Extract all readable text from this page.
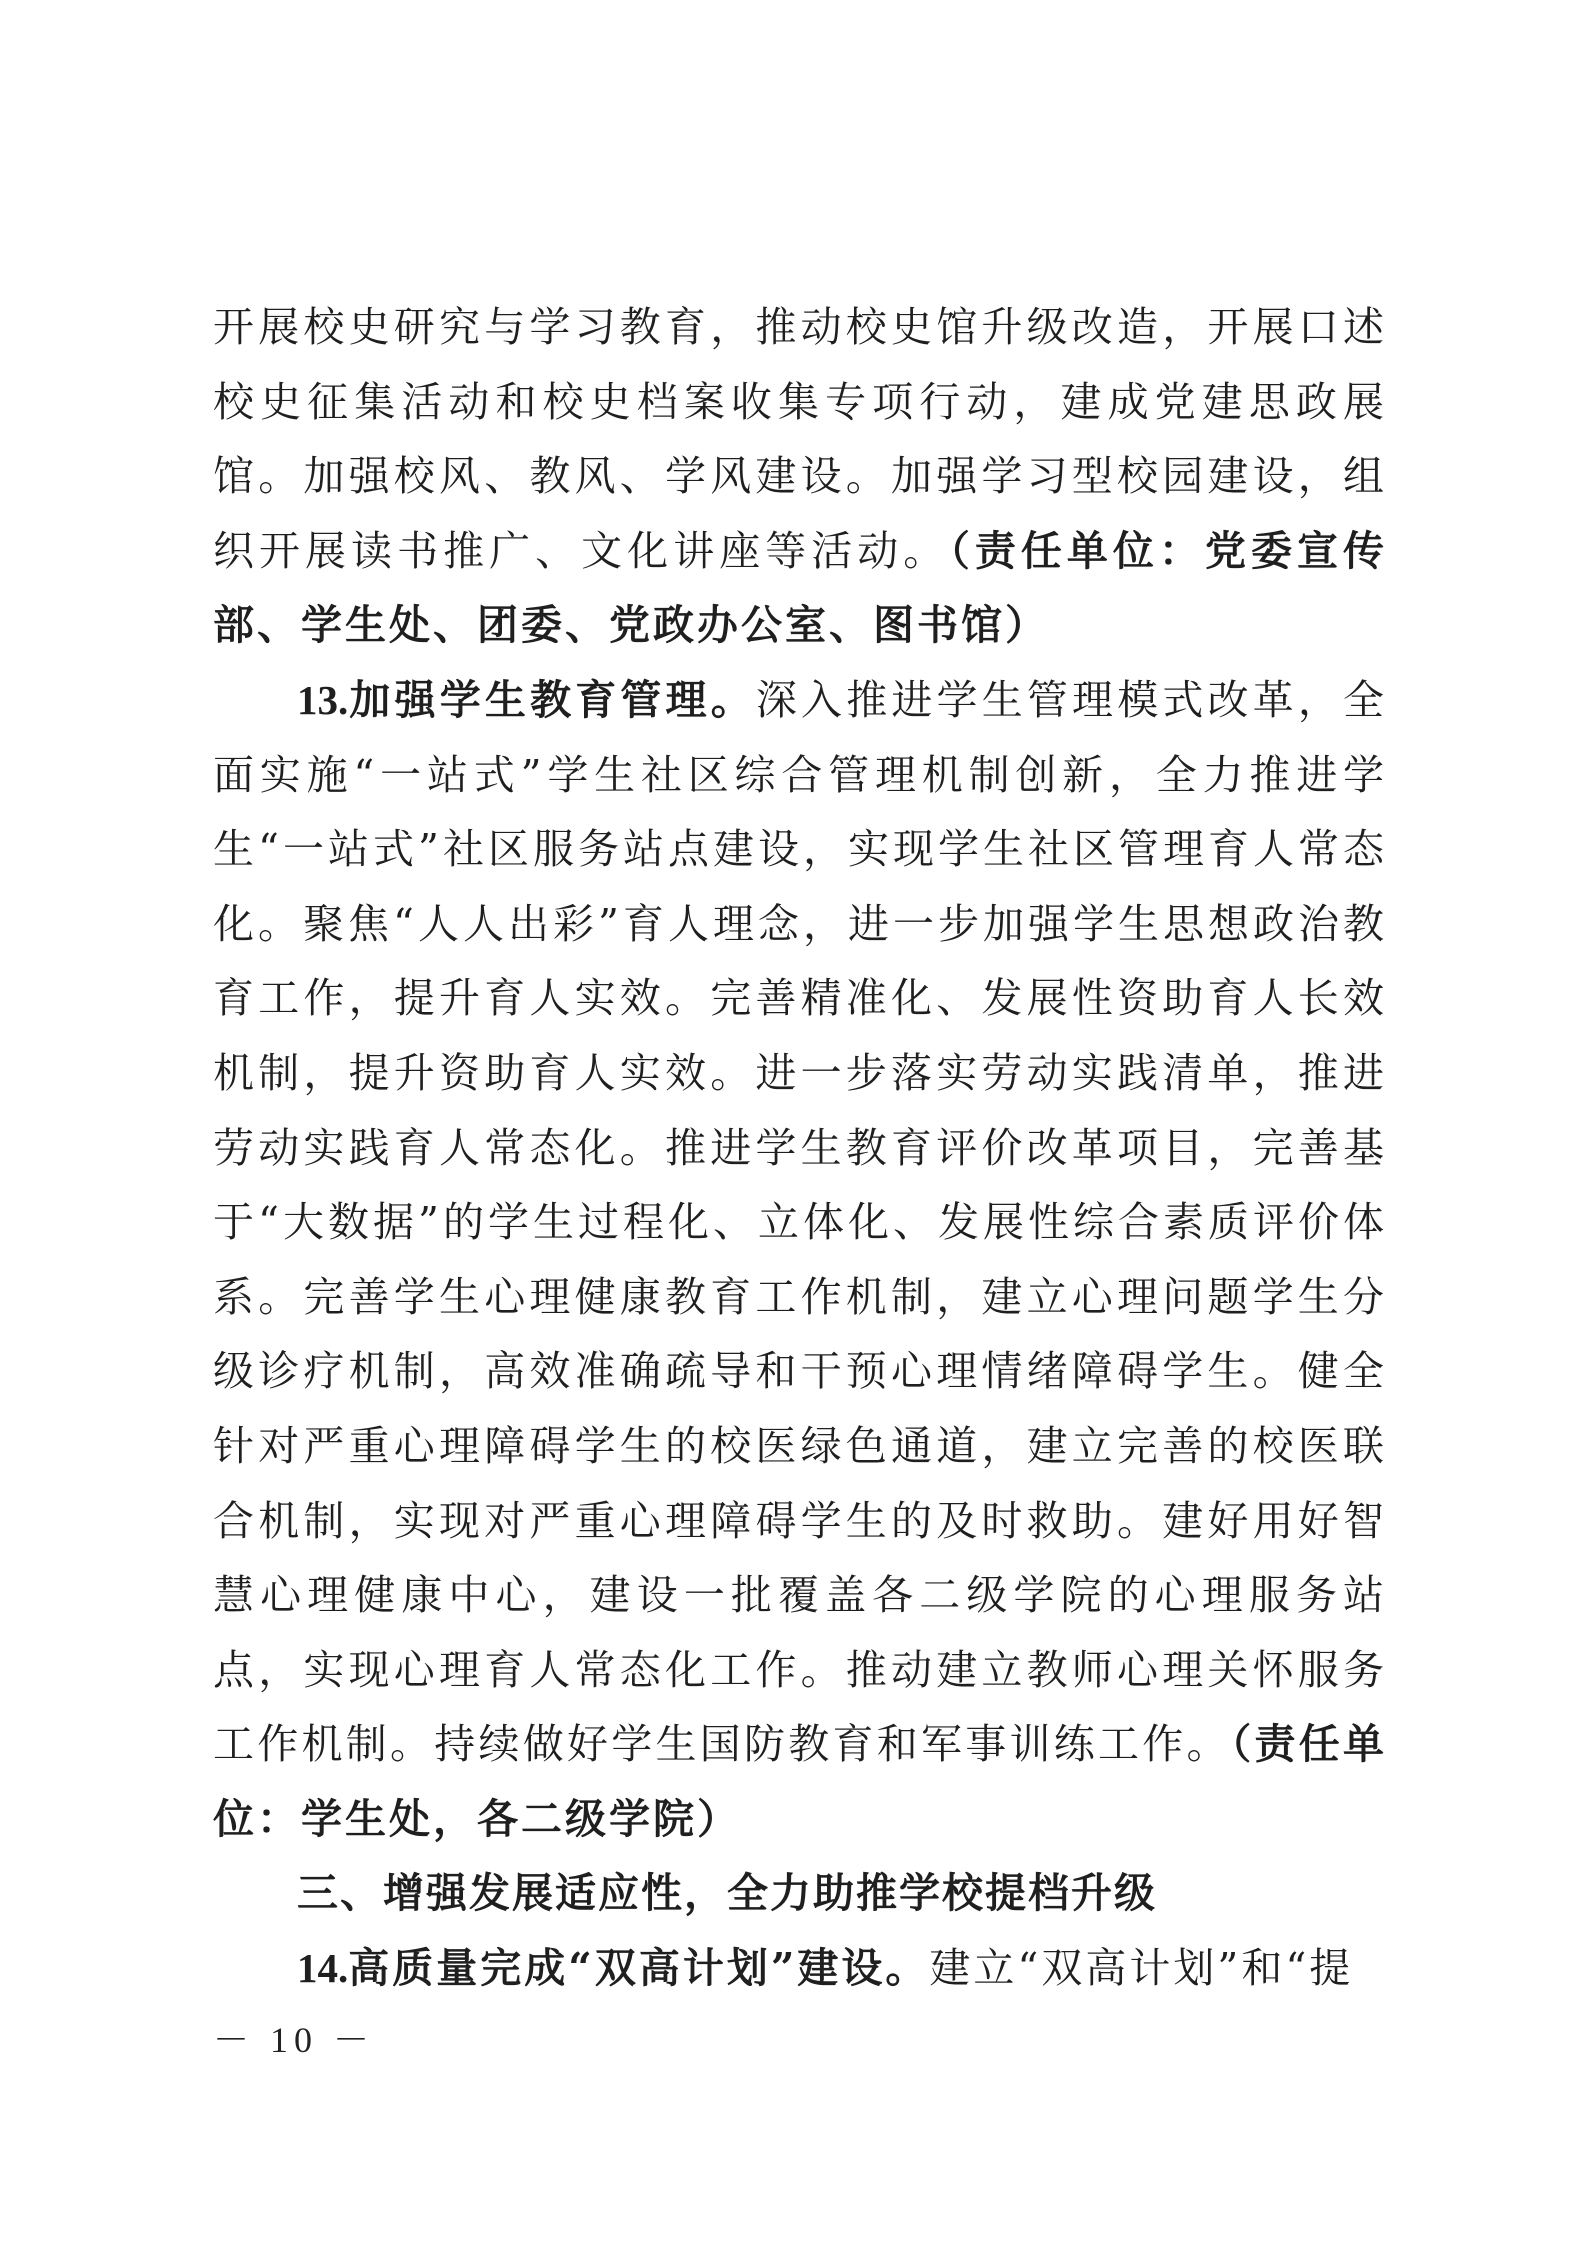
开展校史研究与学习教育，推动校史馆升级改造，开展口述校史征集活动和校史档案收集专项行动，建成党建思政展馆。加强校风、教风、学风建设。加强学习型校园建设，组织开展读书推广、文化讲座等活动。（责任单位：党委宣传部、学生处、团委、党政办公室、图书馆）

13.加强学生教育管理。深入推进学生管理模式改革，全面实施“一站式”学生社区综合管理机制创新，全力推进学生“一站式”社区服务站点建设，实现学生社区管理育人常态化。聚焦“人人出彩”育人理念，进一步加强学生思想政治教育工作，提升育人实效。完善精准化、发展性资助育人长效机制，提升资助育人实效。进一步落实劳动实践清单，推进劳动实践育人常态化。推进学生教育评价改革项目，完善基于“大数据”的学生过程化、立体化、发展性综合素质评价体系。完善学生心理健康教育工作机制，建立心理问题学生分级诊疗机制，高效准确疏导和干预心理情绪障碍学生。健全针对严重心理障碍学生的校医绿色通道，建立完善的校医联合机制，实现对严重心理障碍学生的及时救助。建好用好智慧心理健康中心，建设一批覆盖各二级学院的心理服务站点，实现心理育人常态化工作。推动建立教师心理关怀服务工作机制。持续做好学生国防教育和军事训练工作。（责任单位：学生处，各二级学院）

三、增强发展适应性，全力助推学校提档升级

14.高质量完成“双高计划”建设。建立“双高计划”和“提

－ 10 －
